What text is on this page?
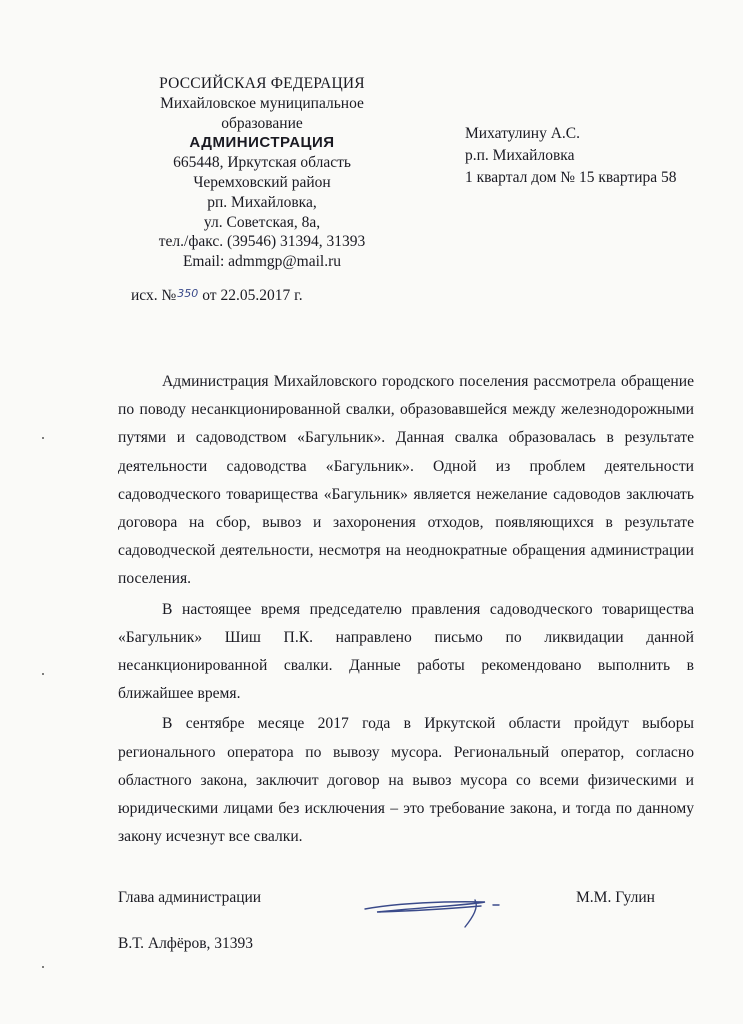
РОССИЙСКАЯ ФЕДЕРАЦИЯ
Михайловское муниципальное
образование
АДМИНИСТРАЦИЯ
665448, Иркутская область
Черемховский район
рп. Михайловка,
ул. Советская, 8а,
тел./факс. (39546) 31394, 31393
Email: admmgp@mail.ru
исх. №350 от 22.05.2017 г.
Михатулину А.С.
р.п. Михайловка
1 квартал дом № 15 квартира 58

Администрация Михайловского городского поселения рассмотрела обращение по поводу несанкционированной свалки, образовавшейся между железнодорожными путями и садоводством «Багульник». Данная свалка образовалась в результате деятельности садоводства «Багульник». Одной из проблем деятельности садоводческого товарищества «Багульник» является нежелание садоводов заключать договора на сбор, вывоз и захоронения отходов, появляющихся в результате садоводческой деятельности, несмотря на неоднократные обращения администрации поселения.

В настоящее время председателю правления садоводческого товарищества «Багульник» Шиш П.К. направлено письмо по ликвидации данной несанкционированной свалки. Данные работы рекомендовано выполнить в ближайшее время.

В сентябре месяце 2017 года в Иркутской области пройдут выборы регионального оператора по вывозу мусора. Региональный оператор, согласно областного закона, заключит договор на вывоз мусора со всеми физическими и юридическими лицами без исключения – это требование закона, и тогда по данному закону исчезнут все свалки.

Глава администрации	М.М. Гулин
В.Т. Алфёров, 31393
